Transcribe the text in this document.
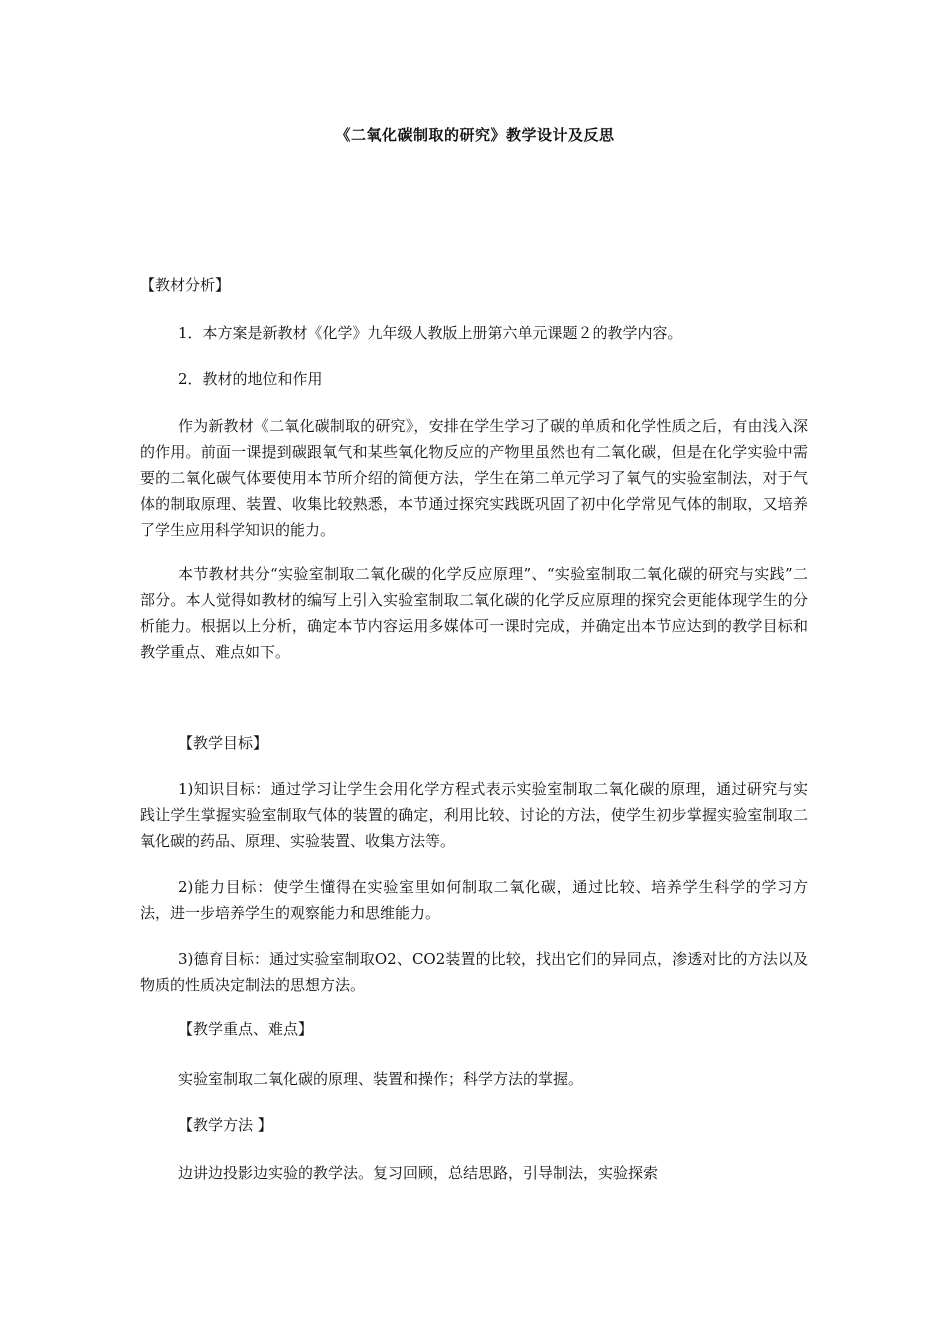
《二氧化碳制取的研究》教学设计及反思

【教材分析】

1．本方案是新教材《化学》九年级人教版上册第六单元课题２的教学内容。

2．教材的地位和作用

作为新教材《二氧化碳制取的研究》，安排在学生学习了碳的单质和化学性质之后，有由浅入深的作用。前面一课提到碳跟氧气和某些氧化物反应的产物里虽然也有二氧化碳，但是在化学实验中需要的二氧化碳气体要使用本节所介绍的简便方法，学生在第二单元学习了氧气的实验室制法，对于气体的制取原理、装置、收集比较熟悉，本节通过探究实践既巩固了初中化学常见气体的制取，又培养了学生应用科学知识的能力。

本节教材共分“实验室制取二氧化碳的化学反应原理”、“实验室制取二氧化碳的研究与实践”二部分。本人觉得如教材的编写上引入实验室制取二氧化碳的化学反应原理的探究会更能体现学生的分析能力。根据以上分析，确定本节内容运用多媒体可一课时完成，并确定出本节应达到的教学目标和教学重点、难点如下。

【教学目标】

1)知识目标：通过学习让学生会用化学方程式表示实验室制取二氧化碳的原理，通过研究与实践让学生掌握实验室制取气体的装置的确定，利用比较、讨论的方法，使学生初步掌握实验室制取二氧化碳的药品、原理、实验装置、收集方法等。

2)能力目标：使学生懂得在实验室里如何制取二氧化碳，通过比较、培养学生科学的学习方法，进一步培养学生的观察能力和思维能力。

3)德育目标：通过实验室制取O2、CO2装置的比较，找出它们的异同点，渗透对比的方法以及物质的性质决定制法的思想方法。

【教学重点、难点】

实验室制取二氧化碳的原理、装置和操作；科学方法的掌握。

【教学方法 】

边讲边投影边实验的教学法。复习回顾，总结思路，引导制法，实验探索
